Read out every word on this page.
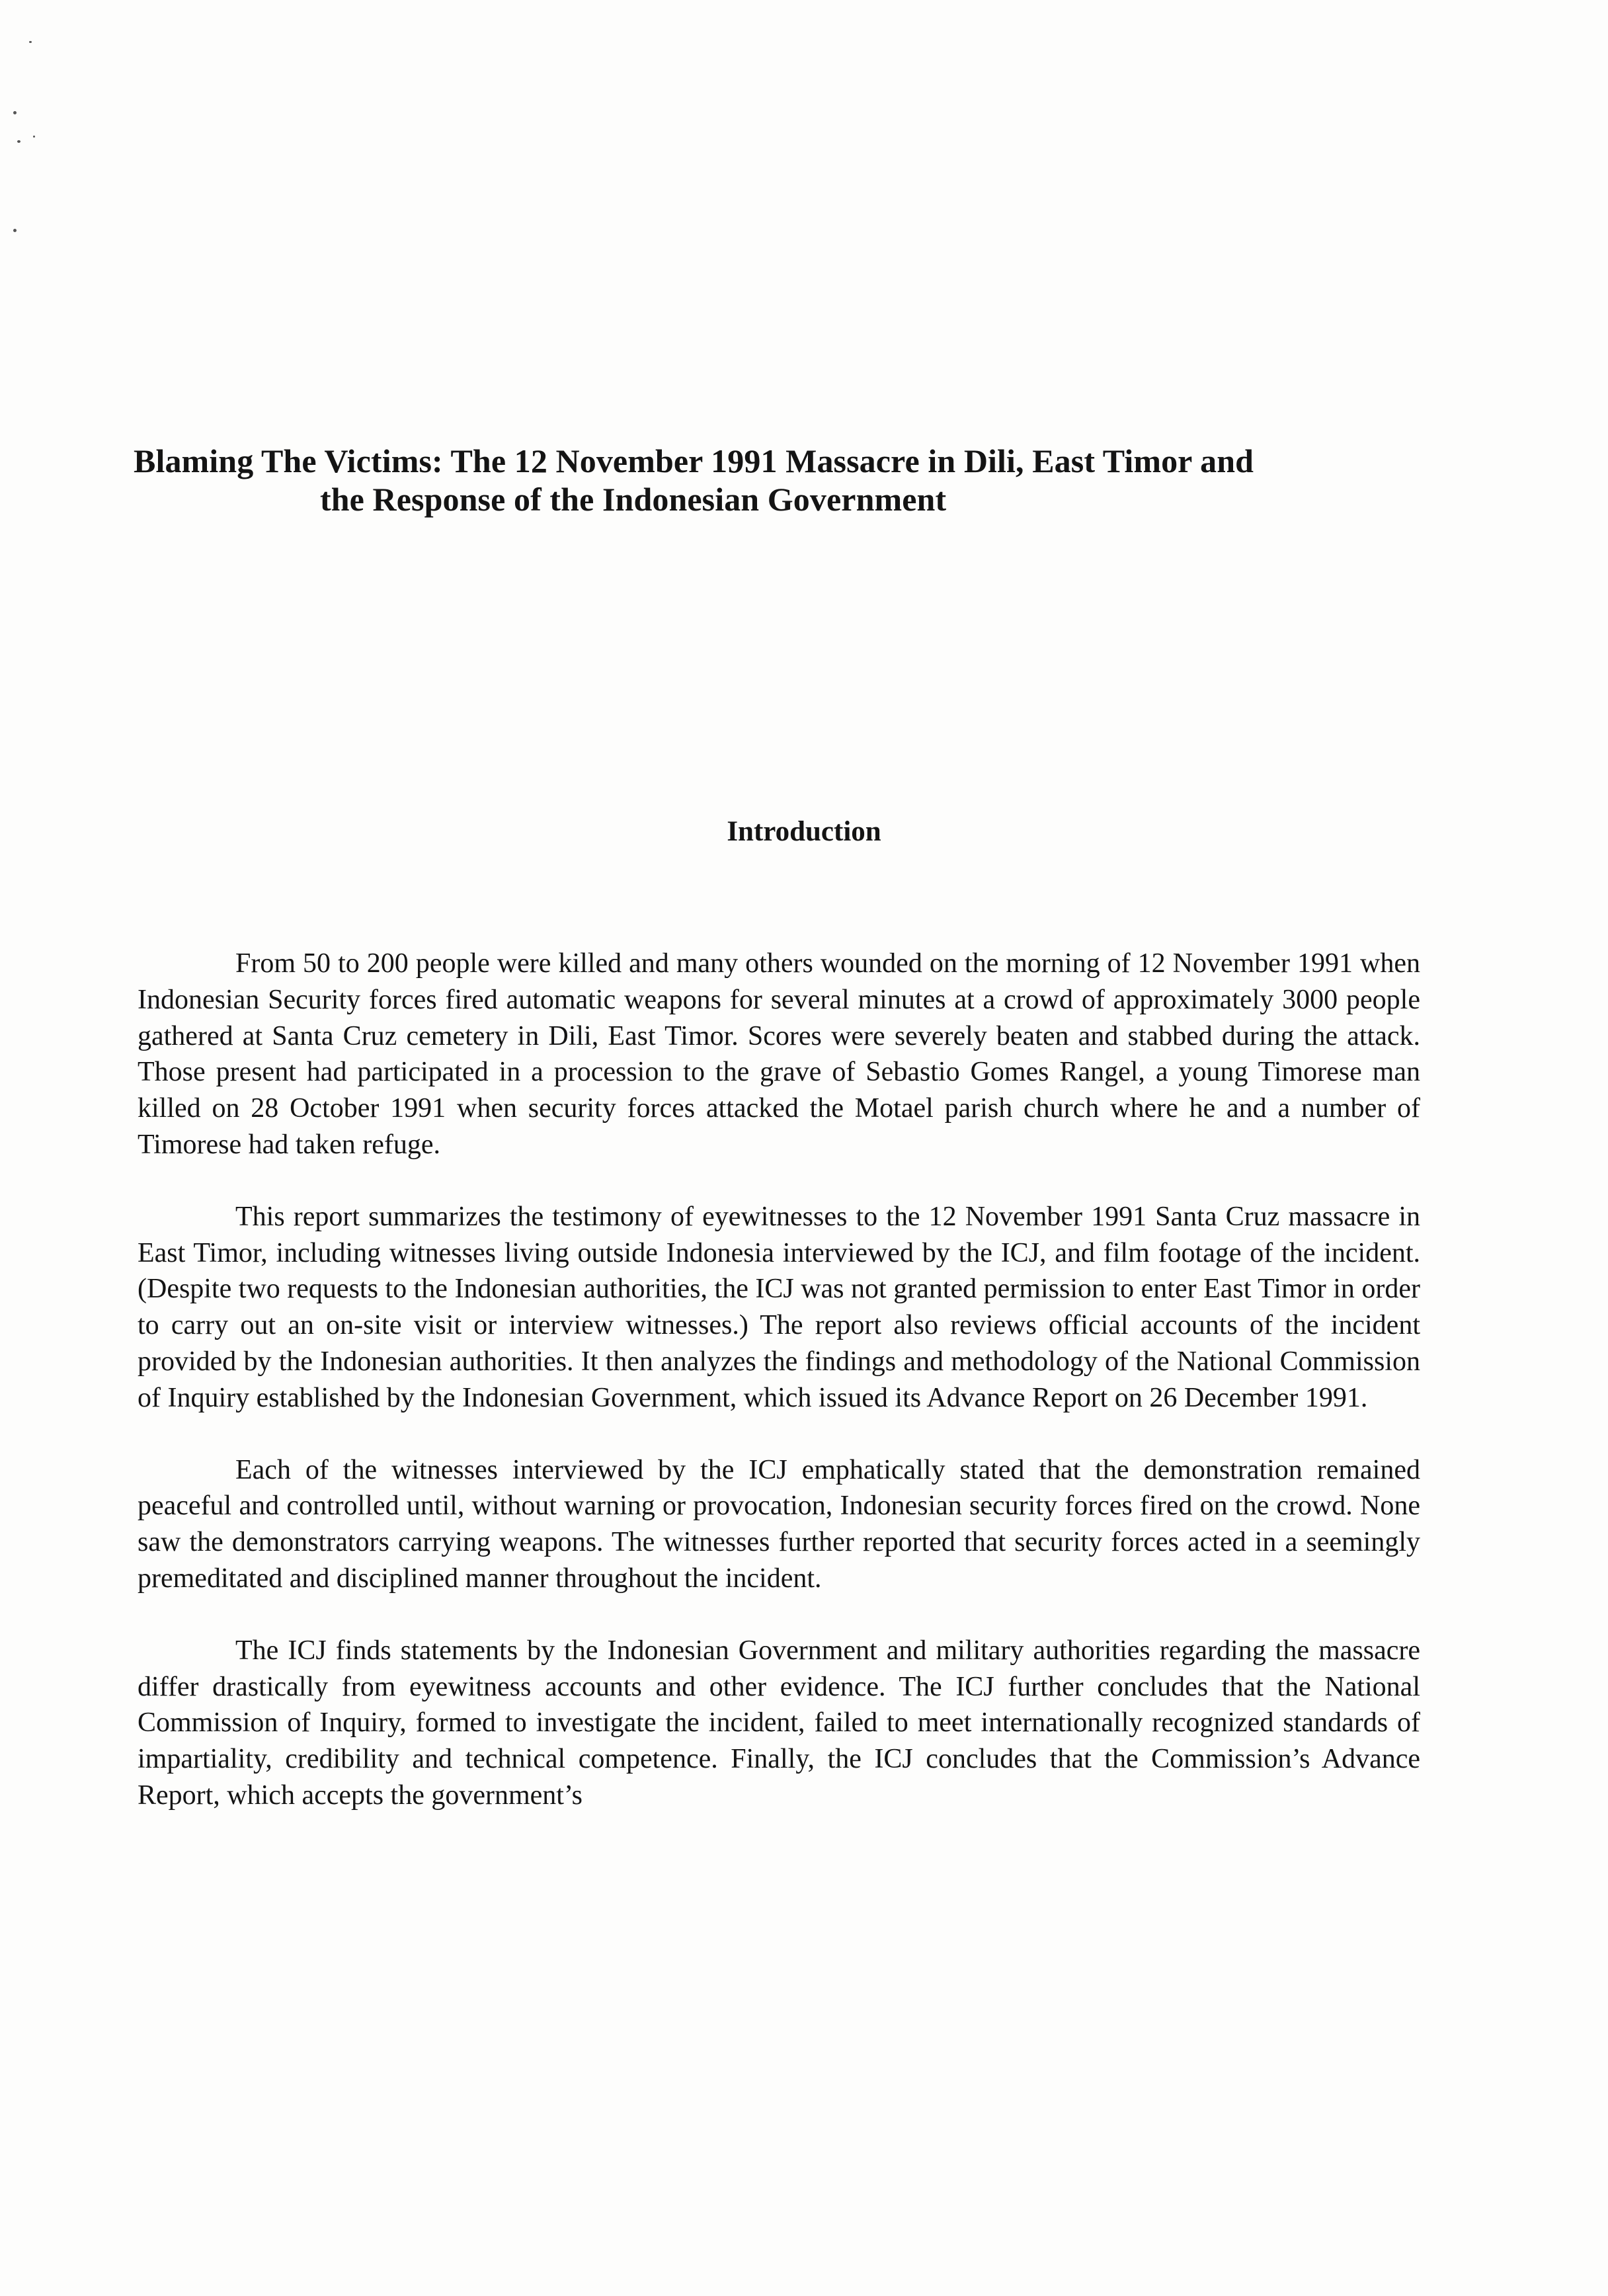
Blaming The Victims: The 12 November 1991 Massacre in Dili, East Timor and
the Response of the Indonesian Government
Introduction

From 50 to 200 people were killed and many others wounded on the morning of 12 November 1991 when Indonesian Security forces fired automatic weapons for several minutes at a crowd of approximately 3000 people gathered at Santa Cruz cemetery in Dili, East Timor. Scores were severely beaten and stabbed during the attack. Those present had participated in a procession to the grave of Sebastio Gomes Rangel, a young Timorese man killed on 28 October 1991 when security forces attacked the Motael parish church where he and a number of Timorese had taken refuge.

This report summarizes the testimony of eyewitnesses to the 12 November 1991 Santa Cruz massacre in East Timor, including witnesses living outside Indonesia interviewed by the ICJ, and film footage of the incident. (Despite two requests to the Indonesian authorities, the ICJ was not granted permission to enter East Timor in order to carry out an on-site visit or interview witnesses.) The report also reviews official accounts of the incident provided by the Indonesian authorities. It then analyzes the findings and methodology of the National Commission of Inquiry established by the Indonesian Government, which issued its Advance Report on 26 December 1991.

Each of the witnesses interviewed by the ICJ emphatically stated that the demonstration remained peaceful and controlled until, without warning or provocation, Indonesian security forces fired on the crowd. None saw the demonstrators carrying weapons. The witnesses further reported that security forces acted in a seemingly premeditated and disciplined manner throughout the incident.

The ICJ finds statements by the Indonesian Government and military authorities regarding the massacre differ drastically from eyewitness accounts and other evidence. The ICJ further concludes that the National Commission of Inquiry, formed to investigate the incident, failed to meet internationally recognized standards of impartiality, credibility and technical competence. Finally, the ICJ concludes that the Commission’s Advance Report, which accepts the government’s
